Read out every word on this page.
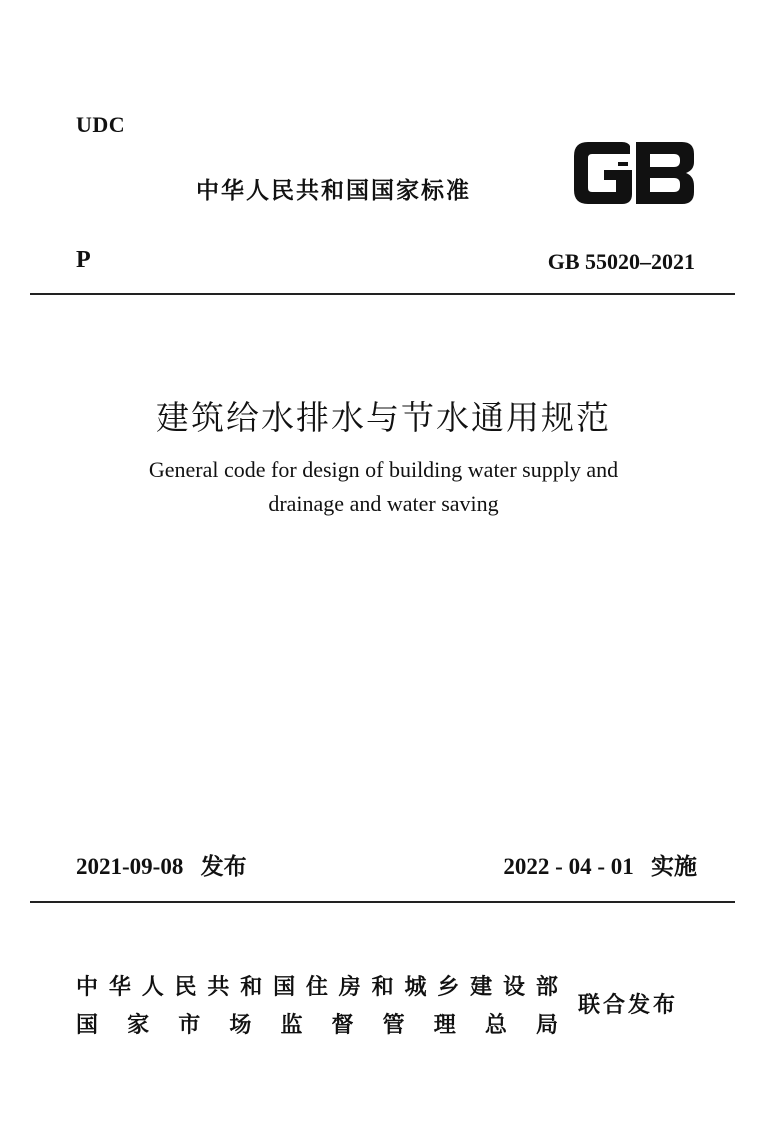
UDC
中华人民共和国国家标准
P	GB 55020–2021
建筑给水排水与节水通用规范
General code for design of building water supply and
drainage and water saving
2021-09-08 发布	2022 - 04 - 01 实施
中 华 人 民 共 和 国 住 房 和 城 乡 建 设 部
国 家 市 场 监 督 管 理 总 局
联合发布
